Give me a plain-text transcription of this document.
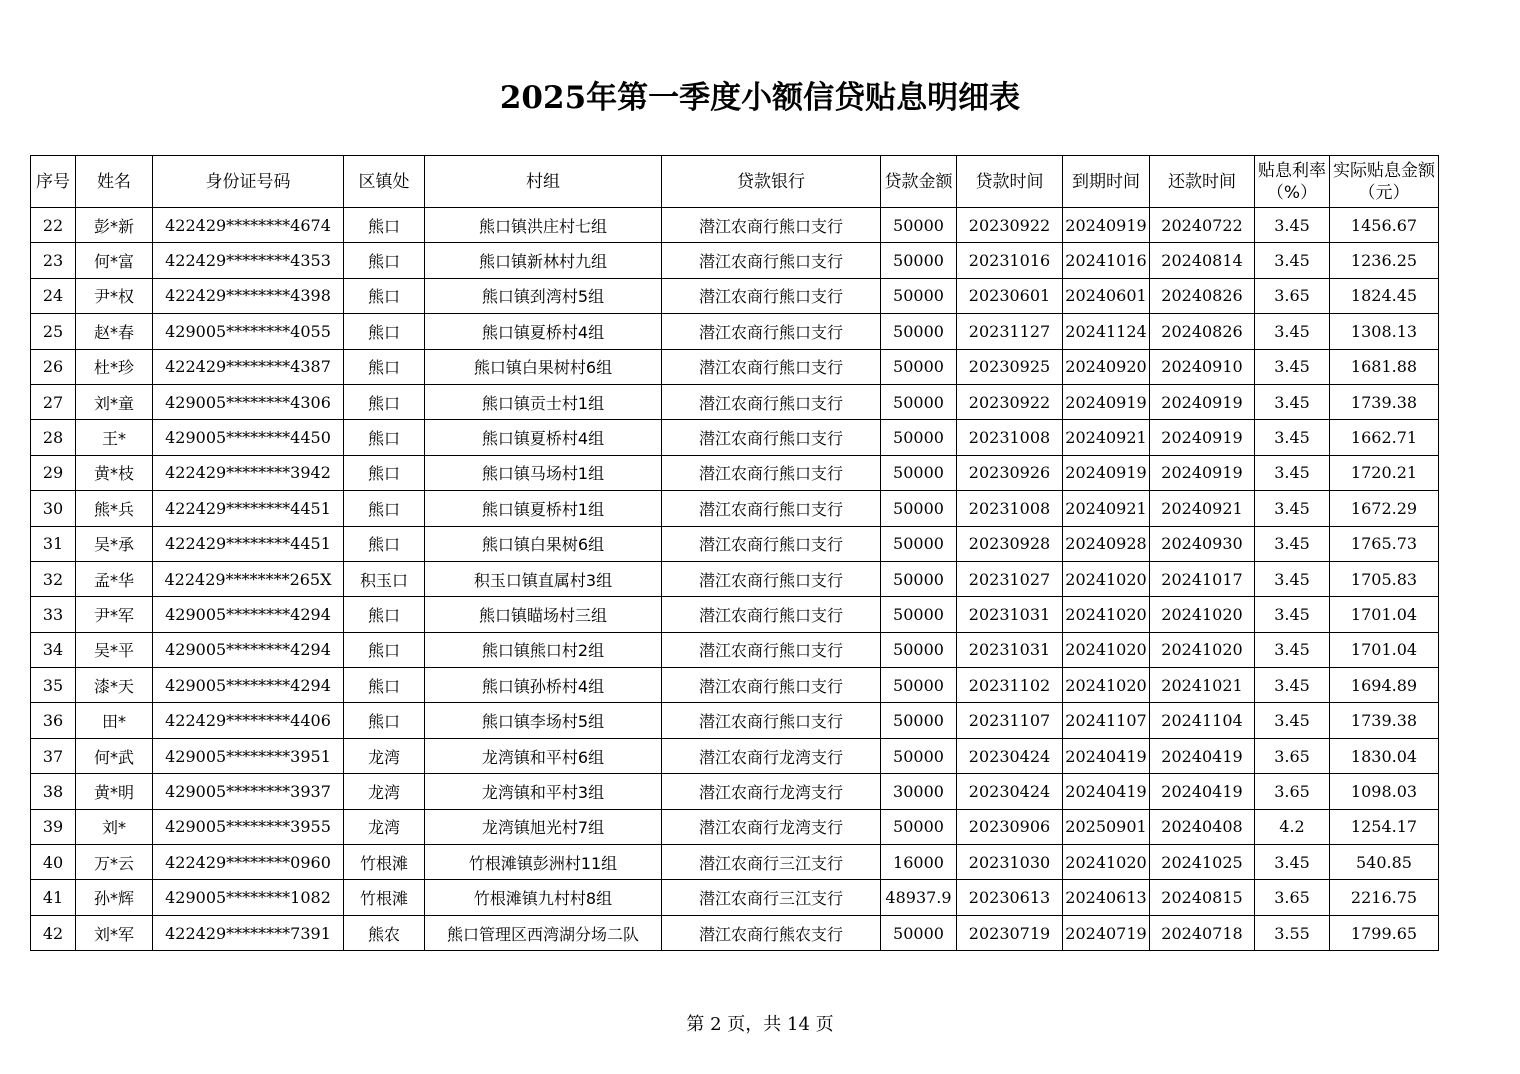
2025年第一季度小额信贷贴息明细表
序号	姓名	身份证号码	区镇处	村组	贷款银行	贷款金额	贷款时间	到期时间	还款时间	贴息利率（%）	实际贴息金额（元）
22	彭*新	422429********4674	熊口	熊口镇洪庄村七组	潜江农商行熊口支行	50000	20230922	20240919	20240722	3.45	1456.67
23	何*富	422429********4353	熊口	熊口镇新林村九组	潜江农商行熊口支行	50000	20231016	20241016	20240814	3.45	1236.25
24	尹*权	422429********4398	熊口	熊口镇刭湾村5组	潜江农商行熊口支行	50000	20230601	20240601	20240826	3.65	1824.45
25	赵*春	429005********4055	熊口	熊口镇夏桥村4组	潜江农商行熊口支行	50000	20231127	20241124	20240826	3.45	1308.13
26	杜*珍	422429********4387	熊口	熊口镇白果树村6组	潜江农商行熊口支行	50000	20230925	20240920	20240910	3.45	1681.88
27	刘*童	429005********4306	熊口	熊口镇贡士村1组	潜江农商行熊口支行	50000	20230922	20240919	20240919	3.45	1739.38
28	王*	429005********4450	熊口	熊口镇夏桥村4组	潜江农商行熊口支行	50000	20231008	20240921	20240919	3.45	1662.71
29	黄*枝	422429********3942	熊口	熊口镇马场村1组	潜江农商行熊口支行	50000	20230926	20240919	20240919	3.45	1720.21
30	熊*兵	422429********4451	熊口	熊口镇夏桥村1组	潜江农商行熊口支行	50000	20231008	20240921	20240921	3.45	1672.29
31	吴*承	422429********4451	熊口	熊口镇白果树6组	潜江农商行熊口支行	50000	20230928	20240928	20240930	3.45	1765.73
32	孟*华	422429********265X	积玉口	积玉口镇直属村3组	潜江农商行熊口支行	50000	20231027	20241020	20241017	3.45	1705.83
33	尹*军	429005********4294	熊口	熊口镇瞄场村三组	潜江农商行熊口支行	50000	20231031	20241020	20241020	3.45	1701.04
34	吴*平	429005********4294	熊口	熊口镇熊口村2组	潜江农商行熊口支行	50000	20231031	20241020	20241020	3.45	1701.04
35	漆*天	429005********4294	熊口	熊口镇孙桥村4组	潜江农商行熊口支行	50000	20231102	20241020	20241021	3.45	1694.89
36	田*	422429********4406	熊口	熊口镇李场村5组	潜江农商行熊口支行	50000	20231107	20241107	20241104	3.45	1739.38
37	何*武	429005********3951	龙湾	龙湾镇和平村6组	潜江农商行龙湾支行	50000	20230424	20240419	20240419	3.65	1830.04
38	黄*明	429005********3937	龙湾	龙湾镇和平村3组	潜江农商行龙湾支行	30000	20230424	20240419	20240419	3.65	1098.03
39	刘*	429005********3955	龙湾	龙湾镇旭光村7组	潜江农商行龙湾支行	50000	20230906	20250901	20240408	4.2	1254.17
40	万*云	422429********0960	竹根滩	竹根滩镇彭洲村11组	潜江农商行三江支行	16000	20231030	20241020	20241025	3.45	540.85
41	孙*辉	429005********1082	竹根滩	竹根滩镇九村村8组	潜江农商行三江支行	48937.9	20230613	20240613	20240815	3.65	2216.75
42	刘*军	422429********7391	熊农	熊口管理区西湾湖分场二队	潜江农商行熊农支行	50000	20230719	20240719	20240718	3.55	1799.65
第 2 页，共 14 页
